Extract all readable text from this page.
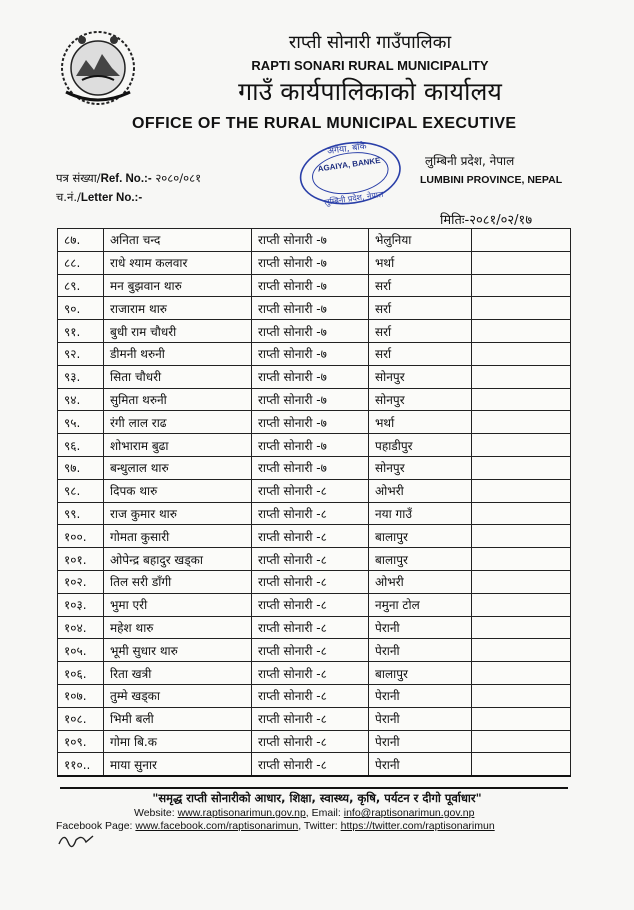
राप्ती सोनारी गाउँपालिका
RAPTI SONARI RURAL MUNICIPALITY
गाउँ कार्यपालिकाको कार्यालय
OFFICE OF THE RURAL MUNICIPAL EXECUTIVE
पत्र संख्या/Ref. No.:- २०८०/०८१
च.नं./Letter No.:-
लुम्बिनी प्रदेश, नेपाल
LUMBINI PROVINCE, NEPAL
अगैया, बाँके
AGAIYA, BANKE
लुम्बिनी प्रदेश, नेपाल
मितिः-२०८१/०२/१७
८७.	अनिता चन्द	राप्ती सोनारी -७	भेलुनिया	
८८.	राधे श्याम कलवार	राप्ती सोनारी -७	भर्था	
८९.	मन बुझवान थारु	राप्ती सोनारी -७	सर्रा	
९०.	राजाराम थारु	राप्ती सोनारी -७	सर्रा	
९१.	बुधी राम चौधरी	राप्ती सोनारी -७	सर्रा	
९२.	डीमनी थरुनी	राप्ती सोनारी -७	सर्रा	
९३.	सिता चौधरी	राप्ती सोनारी -७	सोनपुर	
९४.	सुमिता थरुनी	राप्ती सोनारी -७	सोनपुर	
९५.	रंगी लाल राढ	राप्ती सोनारी -७	भर्था	
९६.	शोभाराम बुढा	राप्ती सोनारी -७	पहाडीपुर	
९७.	बन्धुलाल थारु	राप्ती सोनारी -७	सोनपुर	
९८.	दिपक थारु	राप्ती सोनारी -८	ओभरी	
९९.	राज कुमार थारु	राप्ती सोनारी -८	नया गाउँ	
१००.	गोमता कुसारी	राप्ती सोनारी -८	बालापुर	
१०१.	ओपेन्द्र बहादुर खड्का	राप्ती सोनारी -८	बालापुर	
१०२.	तिल सरी डाँगी	राप्ती सोनारी -८	ओभरी	
१०३.	भुमा एरी	राप्ती सोनारी -८	नमुना टोल	
१०४.	महेश थारु	राप्ती सोनारी -८	पेरानी	
१०५.	भूमी सुधार थारु	राप्ती सोनारी -८	पेरानी	
१०६.	रिता खत्री	राप्ती सोनारी -८	बालापुर	
१०७.	तुम्मे खड्का	राप्ती सोनारी -८	पेरानी	
१०८.	भिमी बली	राप्ती सोनारी -८	पेरानी	
१०९.	गोमा बि.क	राप्ती सोनारी -८	पेरानी	
११०..	माया सुनार	राप्ती सोनारी -८	पेरानी	
"समृद्ध राप्ती सोनारीको आधार, शिक्षा, स्वास्थ्य, कृषि, पर्यटन र दीगो पूर्वाधार"
Website: www.raptisonarimun.gov.np, Email: info@raptisonarimun.gov.np
Facebook Page: www.facebook.com/raptisonarimun, Twitter: https://twitter.com/raptisonarimun
